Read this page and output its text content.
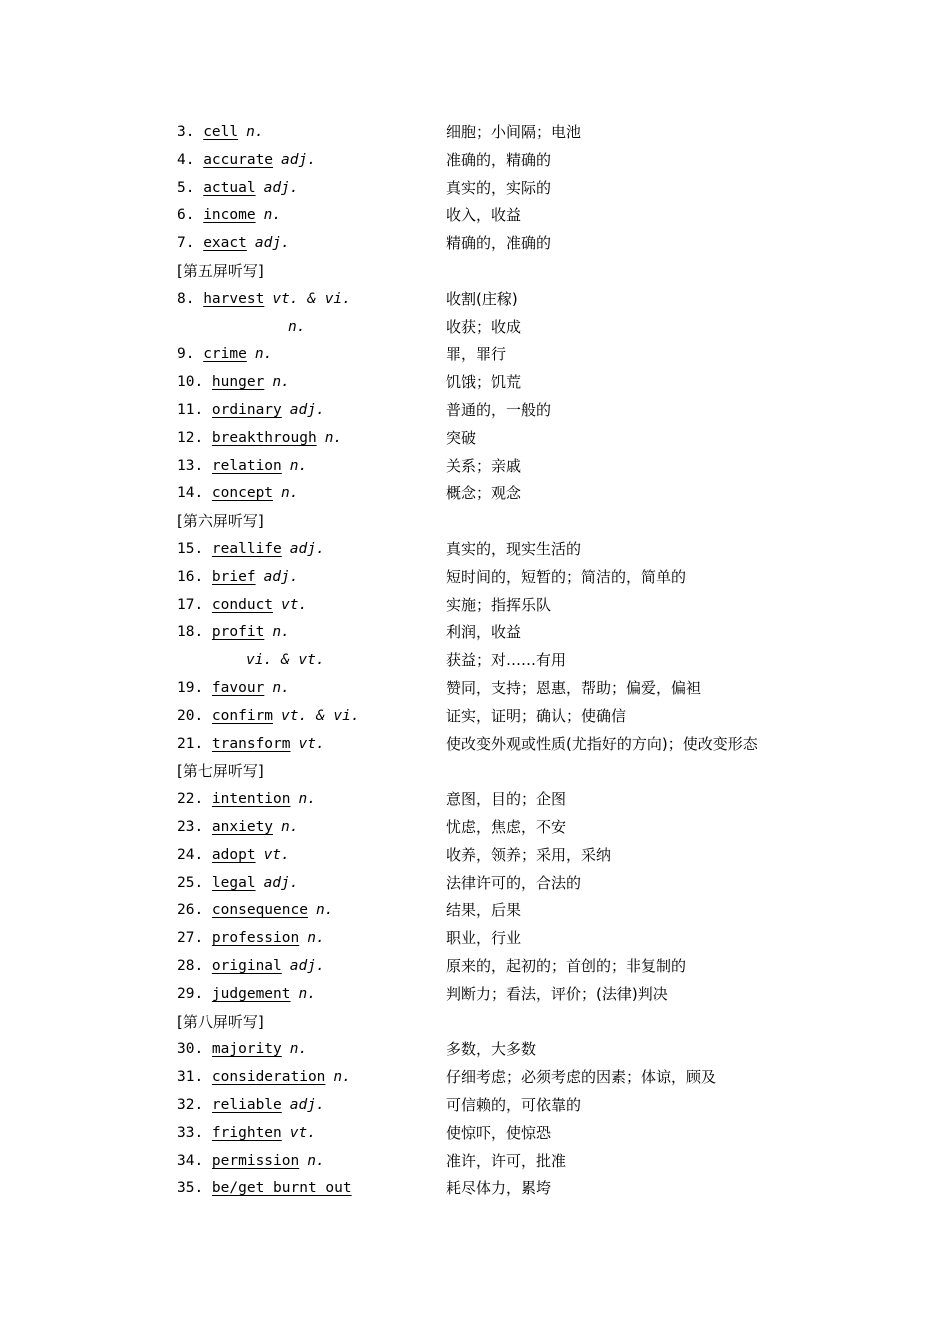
3. cell n.	细胞；小间隔；电池
4. accurate adj.	准确的，精确的
5. actual adj.	真实的，实际的
6. income n.	收入，收益
7. exact adj.	精确的，准确的
[第五屏听写]
8. harvest vt. & vi.	收割(庄稼)
n.	收获；收成
9. crime n.	罪，罪行
10. hunger n.	饥饿；饥荒
11. ordinary adj.	普通的，一般的
12. breakthrough n.	突破
13. relation n.	关系；亲戚
14. concept n.	概念；观念
[第六屏听写]
15. reallife adj.	真实的，现实生活的
16. brief adj.	短时间的，短暂的；简洁的，简单的
17. conduct vt.	实施；指挥乐队
18. profit n.	利润，收益
vi. & vt.	获益；对……有用
19. favour n.	赞同，支持；恩惠，帮助；偏爱，偏袒
20. confirm vt. & vi.	证实，证明；确认；使确信
21. transform vt.	使改变外观或性质(尤指好的方向)；使改变形态
[第七屏听写]
22. intention n.	意图，目的；企图
23. anxiety n.	忧虑，焦虑，不安
24. adopt vt.	收养，领养；采用，采纳
25. legal adj.	法律许可的，合法的
26. consequence n.	结果，后果
27. profession n.	职业，行业
28. original adj.	原来的，起初的；首创的；非复制的
29. judgement n.	判断力；看法，评价；(法律)判决
[第八屏听写]
30. majority n.	多数，大多数
31. consideration n.	仔细考虑；必须考虑的因素；体谅，顾及
32. reliable adj.	可信赖的，可依靠的
33. frighten vt.	使惊吓，使惊恐
34. permission n.	准许，许可，批准
35. be/get burnt out	耗尽体力，累垮
